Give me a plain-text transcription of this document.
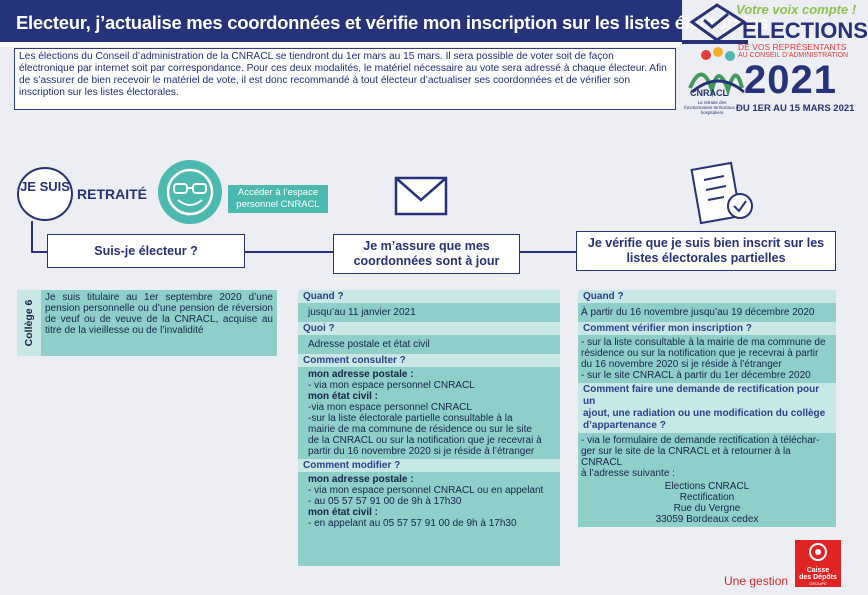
Electeur, j’actualise mes coordonnées et vérifie mon inscription sur les listes électorales
Votre voix compte !
ELECTIONS
DE VOS REPRÉSENTANTS
AU CONSEIL D’ADMINISTRATION
2021
DU 1ER AU 15 MARS 2021
CNRACL
La retraite des fonctionnaires territoriaux et hospitaliers
Les élections du Conseil d’administration de la CNRACL se tiendront du 1er mars au 15 mars. Il sera possible de voter soit de façon électronique par internet soit par correspondance. Pour ces deux modalités, le matériel nécessaire au vote sera adressé à chaque électeur. Afin de s’assurer de bien recevoir le matériel de vote, il est donc recommandé à tout électeur d’actualiser ses coordonnées et de vérifier son inscription sur les listes électorales.
JE SUIS RETRAITÉ	Accéder à l’espace personnel CNRACL
Suis-je électeur ?	Je m’assure que mes coordonnées sont à jour
Je vérifie que je suis bien inscrit sur les listes électorales partielles
Collège 6
Je suis titulaire au 1er septembre 2020 d’une pension personnelle ou d’une pension de réversion de veuf ou de veuve de la CNRACL, acquise au titre de la vieillesse ou de l’invalidité
Quand ?
jusqu’au 11 janvier 2021
Quoi ?
Adresse postale et état civil
Comment consulter ?
mon adresse postale :
- via mon espace personnel CNRACL
mon état civil :
-via mon espace personnel CNRACL
-sur la liste électorale partielle consultable à la
mairie de ma commune de résidence ou sur le site
de la CNRACL ou sur la notification que je recevrai à
partir du 16 novembre 2020 si je réside à l’étranger
Comment modifier ?
mon adresse postale :
- via mon espace personnel CNRACL ou en appelant
- au 05 57 57 91 00 de 9h à 17h30
mon état civil :
- en appelant au 05 57 57 91 00 de 9h à 17h30
Quand ?
À partir du 16 novembre jusqu’au 19 décembre 2020
Comment vérifier mon inscription ?
- sur la liste consultable à la mairie de ma commune de
résidence ou sur la notification que je recevrai à partir
du 16 novembre 2020 si je réside à l’étranger
- sur le site CNRACL à partir du 1er décembre 2020
Comment faire une demande de rectification pour un
ajout, une radiation ou une modification du collège
d’appartenance ?
- via le formulaire de demande rectification à téléchar-
ger sur le site de la CNRACL et à retourner à la CNRACL
à l’adresse suivante :
Elections CNRACL
Rectification
Rue du Vergne
33059 Bordeaux cedex
Une gestion
Caisse
des Dépôts
GROUPE
